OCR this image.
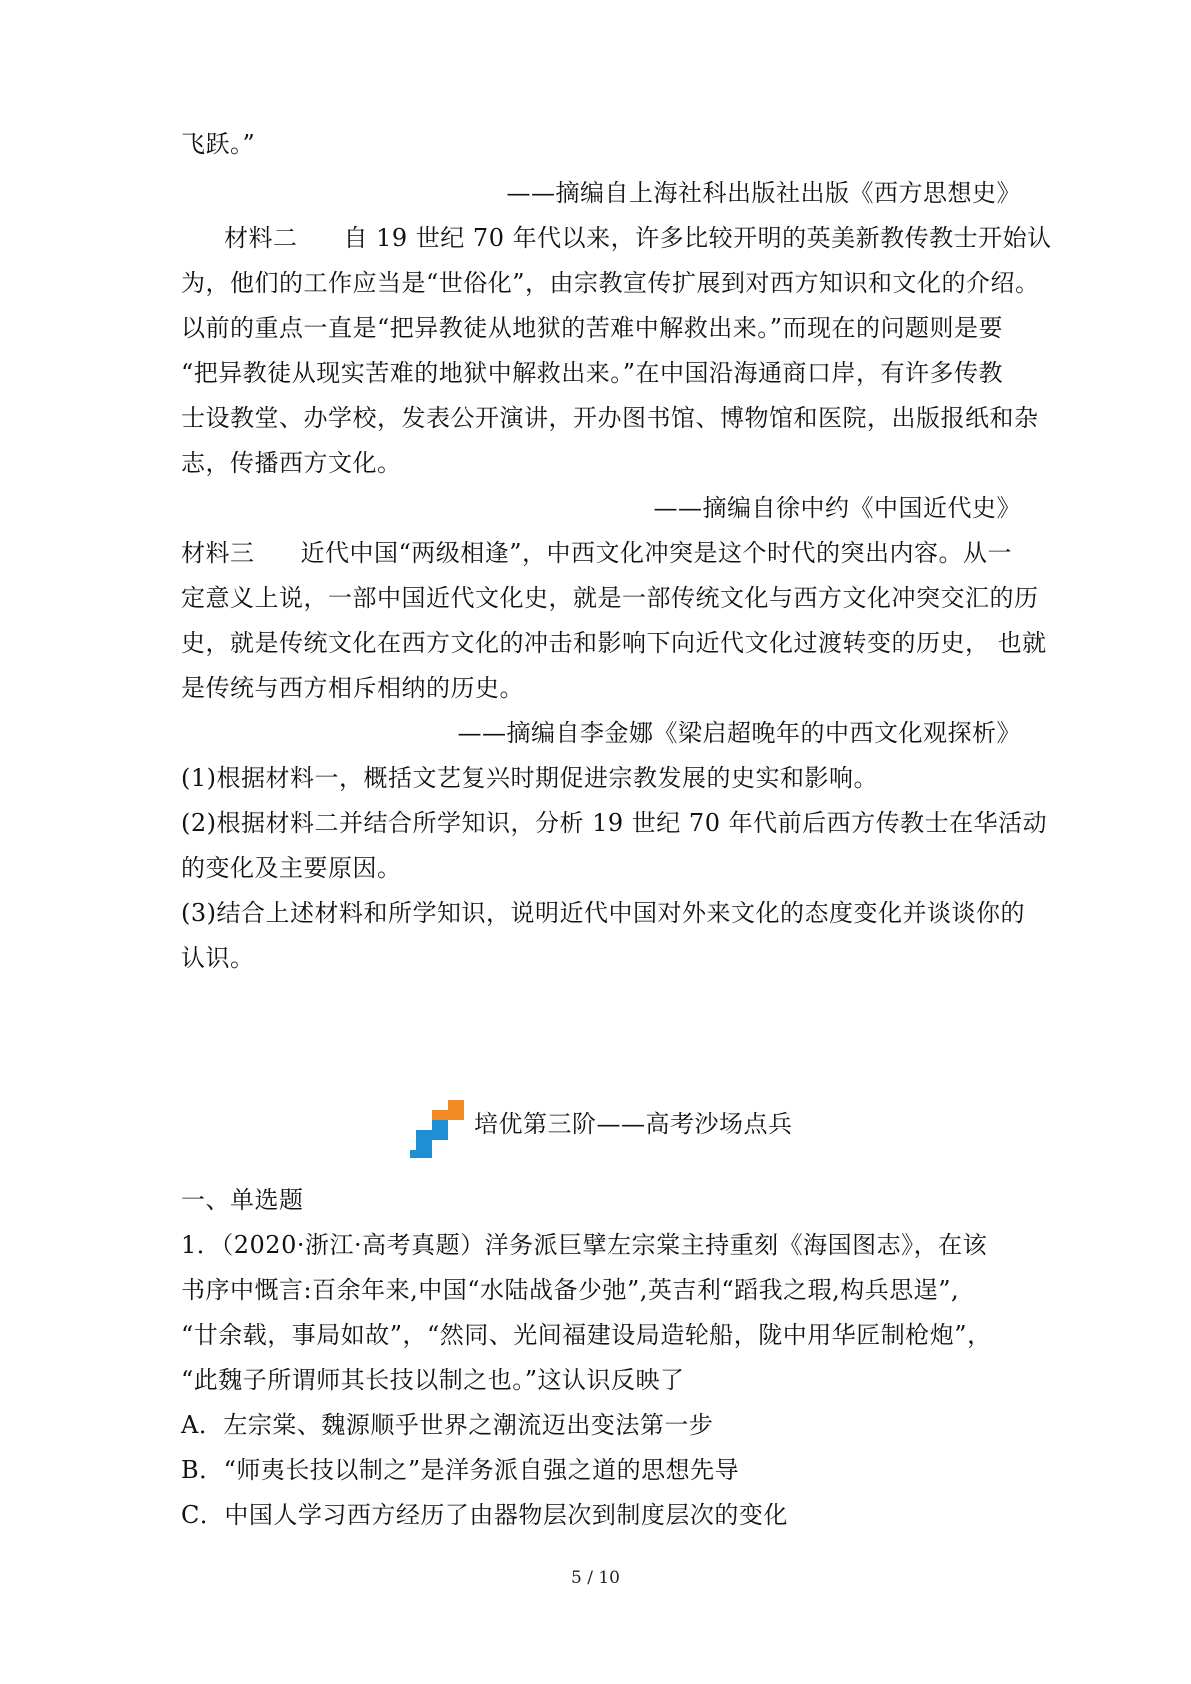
飞跃。”
——摘编自上海社科出版社出版《西方思想史》
材料二 自 19 世纪 70 年代以来，许多比较开明的英美新教传教士开始认
为，他们的工作应当是“世俗化”，由宗教宣传扩展到对西方知识和文化的介绍。
以前的重点一直是“把异教徒从地狱的苦难中解救出来。”而现在的问题则是要
“把异教徒从现实苦难的地狱中解救出来。”在中国沿海通商口岸，有许多传教
士设教堂、办学校，发表公开演讲，开办图书馆、博物馆和医院，出版报纸和杂
志，传播西方文化。
——摘编自徐中约《中国近代史》
材料三 近代中国“两级相逢”，中西文化冲突是这个时代的突出内容。从一
定意义上说，一部中国近代文化史，就是一部传统文化与西方文化冲突交汇的历
史，就是传统文化在西方文化的冲击和影响下向近代文化过渡转变的历史， 也就
是传统与西方相斥相纳的历史。
——摘编自李金娜《梁启超晚年的中西文化观探析》
(1)根据材料一，概括文艺复兴时期促进宗教发展的史实和影响。
(2)根据材料二并结合所学知识，分析 19 世纪 70 年代前后西方传教士在华活动
的变化及主要原因。
(3)结合上述材料和所学知识，说明近代中国对外来文化的态度变化并谈谈你的
认识。
培优第三阶——高考沙场点兵
一、单选题
1．（2020·浙江·高考真题）洋务派巨擘左宗棠主持重刻《海国图志》，在该
书序中慨言:百余年来,中国“水陆战备少弛”,英吉利“蹈我之瑕,构兵思逞”,
“廿余载，事局如故”，“然同、光间福建设局造轮船，陇中用华匠制枪炮”，
“此魏子所谓师其长技以制之也。”这认识反映了
A．左宗棠、魏源顺乎世界之潮流迈出变法第一步
B．“师夷长技以制之”是洋务派自强之道的思想先导
C．中国人学习西方经历了由器物层次到制度层次的变化
5 / 10
